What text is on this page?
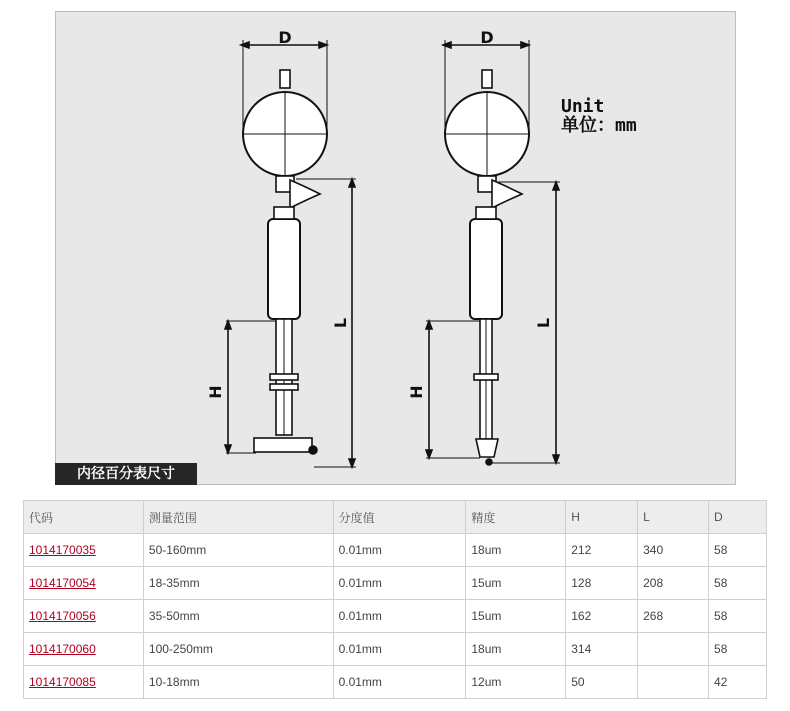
D
H
L
D
H
L
Unit
单位：mm
内径百分表尺寸
代码	测量范围	分度值	精度	H	L	D
1014170035	50-160mm	0.01mm	18um	212	340	58
1014170054	18-35mm	0.01mm	15um	128	208	58
1014170056	35-50mm	0.01mm	15um	162	268	58
1014170060	100-250mm	0.01mm	18um	314		58
1014170085	10-18mm	0.01mm	12um	50		42
